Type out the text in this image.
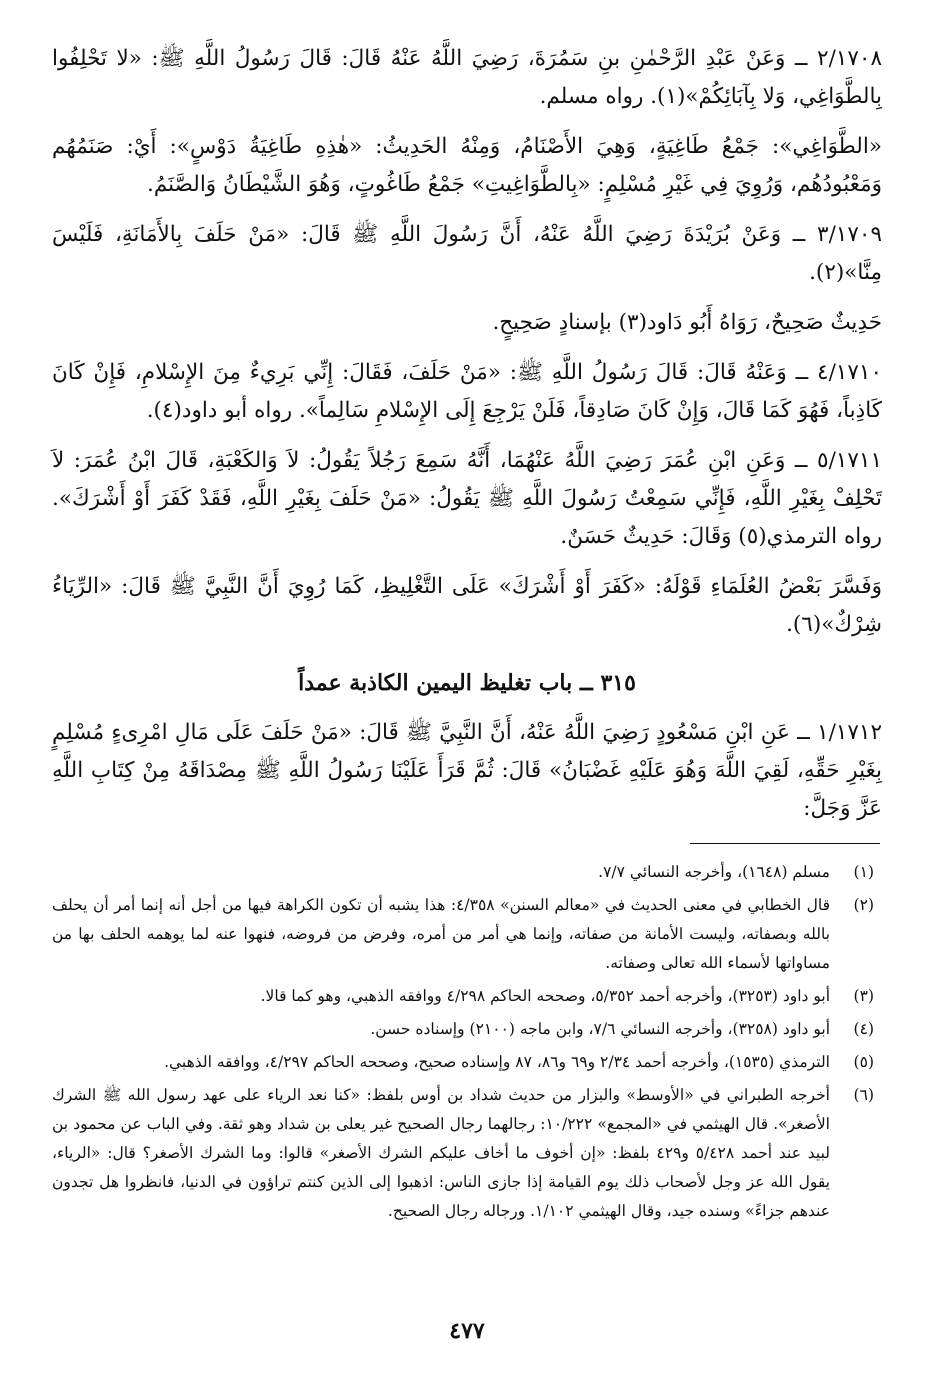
٢/١٧٠٨ ــ وَعَنْ عَبْدِ الرَّحْمٰنِ بنِ سَمُرَةَ، رَضِيَ اللَّهُ عَنْهُ قَالَ: قَالَ رَسُولُ اللَّهِ ﷺ: «لا تَحْلِفُوا بِالطَّوَاغِي، وَلا بِآبَائِكُمْ»(١). رواه مسلم.

«الطَّوَاغِي»: جَمْعُ طَاغِيَةٍ، وَهِيَ الأَصْنَامُ، وَمِنْهُ الحَدِيثُ: «هٰذِهِ طَاغِيَةُ دَوْسٍ»: أَيْ: صَنَمُهُم وَمَعْبُودُهُم، وَرُوِيَ فِي غَيْرِ مُسْلِمٍ: «بِالطَّوَاغِيتِ» جَمْعُ طَاغُوتٍ، وَهُوَ الشَّيْطَانُ وَالصَّنَمُ.

٣/١٧٠٩ ــ وَعَنْ بُرَيْدَةَ رَضِيَ اللَّهُ عَنْهُ، أَنَّ رَسُولَ اللَّهِ ﷺ قَالَ: «مَنْ حَلَفَ بِالأَمَانَةِ، فَلَيْسَ مِنَّا»(٢).

حَدِيثٌ صَحِيحٌ، رَوَاهُ أَبُو دَاود(٣) بإسنادٍ صَحِيحٍ.

٤/١٧١٠ ــ وَعَنْهُ قَالَ: قَالَ رَسُولُ اللَّهِ ﷺ: «مَنْ حَلَفَ، فَقَالَ: إِنِّي بَرِيءٌ مِنَ الإِسْلامِ، فَإِنْ كَانَ كَاذِباً، فَهُوَ كَمَا قَالَ، وَإِنْ كَانَ صَادِقاً، فَلَنْ يَرْجِعَ إِلَى الإِسْلامِ سَالِماً». رواه أبو داود(٤).

٥/١٧١١ ــ وَعَنِ ابْنِ عُمَرَ رَضِيَ اللَّهُ عَنْهُمَا، أَنَّهُ سَمِعَ رَجُلاً يَقُولُ: لاَ وَالكَعْبَةِ، قَالَ ابْنُ عُمَرَ: لاَ تَحْلِفْ بِغَيْرِ اللَّهِ، فَإِنِّي سَمِعْتُ رَسُولَ اللَّهِ ﷺ يَقُولُ: «مَنْ حَلَفَ بِغَيْرِ اللَّهِ، فَقَدْ كَفَرَ أَوْ أَشْرَكَ». رواه الترمذي(٥) وَقَالَ: حَدِيثٌ حَسَنٌ.

وَفَسَّرَ بَعْضُ العُلَمَاءِ قَوْلَهُ: «كَفَرَ أَوْ أَشْرَكَ» عَلَى التَّغْلِيظِ، كَمَا رُوِيَ أَنَّ النَّبِيَّ ﷺ قَالَ: «الرِّيَاءُ شِرْكٌ»(٦).

٣١٥ ــ باب تغليظ اليمين الكاذبة عمداً

١/١٧١٢ ــ عَنِ ابْنِ مَسْعُودٍ رَضِيَ اللَّهُ عَنْهُ، أَنَّ النَّبِيَّ ﷺ قَالَ: «مَنْ حَلَفَ عَلَى مَالِ امْرِىءٍ مُسْلِمٍ بِغَيْرِ حَقِّهِ، لَقِيَ اللَّهَ وَهُوَ عَلَيْهِ غَضْبَانُ» قَالَ: ثُمَّ قَرَأَ عَلَيْنَا رَسُولُ اللَّهِ ﷺ مِصْدَاقَهُ مِنْ كِتَابِ اللَّهِ عَزَّ وَجَلَّ:

(١)
مسلم (١٦٤٨)، وأخرجه النسائي ٧/٧.
(٢)
قال الخطابي في معنى الحديث في «معالم السنن» ٤/٣٥٨: هذا يشبه أن تكون الكراهة فيها من أجل أنه إنما أمر أن يحلف بالله وبصفاته، وليست الأمانة من صفاته، وإنما هي أمر من أمره، وفرض من فروضه، فنهوا عنه لما يوهمه الحلف بها من مساواتها لأسماء الله تعالى وصفاته.
(٣)
أبو داود (٣٢٥٣)، وأخرجه أحمد ٥/٣٥٢، وصححه الحاكم ٤/٢٩٨ ووافقه الذهبي، وهو كما قالا.
(٤)
أبو داود (٣٢٥٨)، وأخرجه النسائي ٧/٦، وابن ماجه (٢١٠٠) وإسناده حسن.
(٥)
الترمذي (١٥٣٥)، وأخرجه أحمد ٢/٣٤ و٦٩ و٨٦، ٨٧ وإسناده صحيح، وصححه الحاكم ٤/٢٩٧، ووافقه الذهبي.
(٦)
أخرجه الطبراني في «الأوسط» والبزار من حديث شداد بن أوس بلفظ: «كنا نعد الرياء على عهد رسول الله ﷺ الشرك الأصغر». قال الهيثمي في «المجمع» ١٠/٢٢٢: رجالهما رجال الصحيح غير يعلى بن شداد وهو ثقة. وفي الباب عن محمود بن لبيد عند أحمد ٥/٤٢٨ و٤٢٩ بلفظ: «إن أخوف ما أخاف عليكم الشرك الأصغر» قالوا: وما الشرك الأصغر؟ قال: «الرياء، يقول الله عز وجل لأصحاب ذلك يوم القيامة إذا جازى الناس: اذهبوا إلى الذين كنتم تراؤون في الدنيا، فانظروا هل تجدون عندهم جزاءً» وسنده جيد، وقال الهيثمي ١/١٠٢. ورجاله رجال الصحيح.
٤٧٧
